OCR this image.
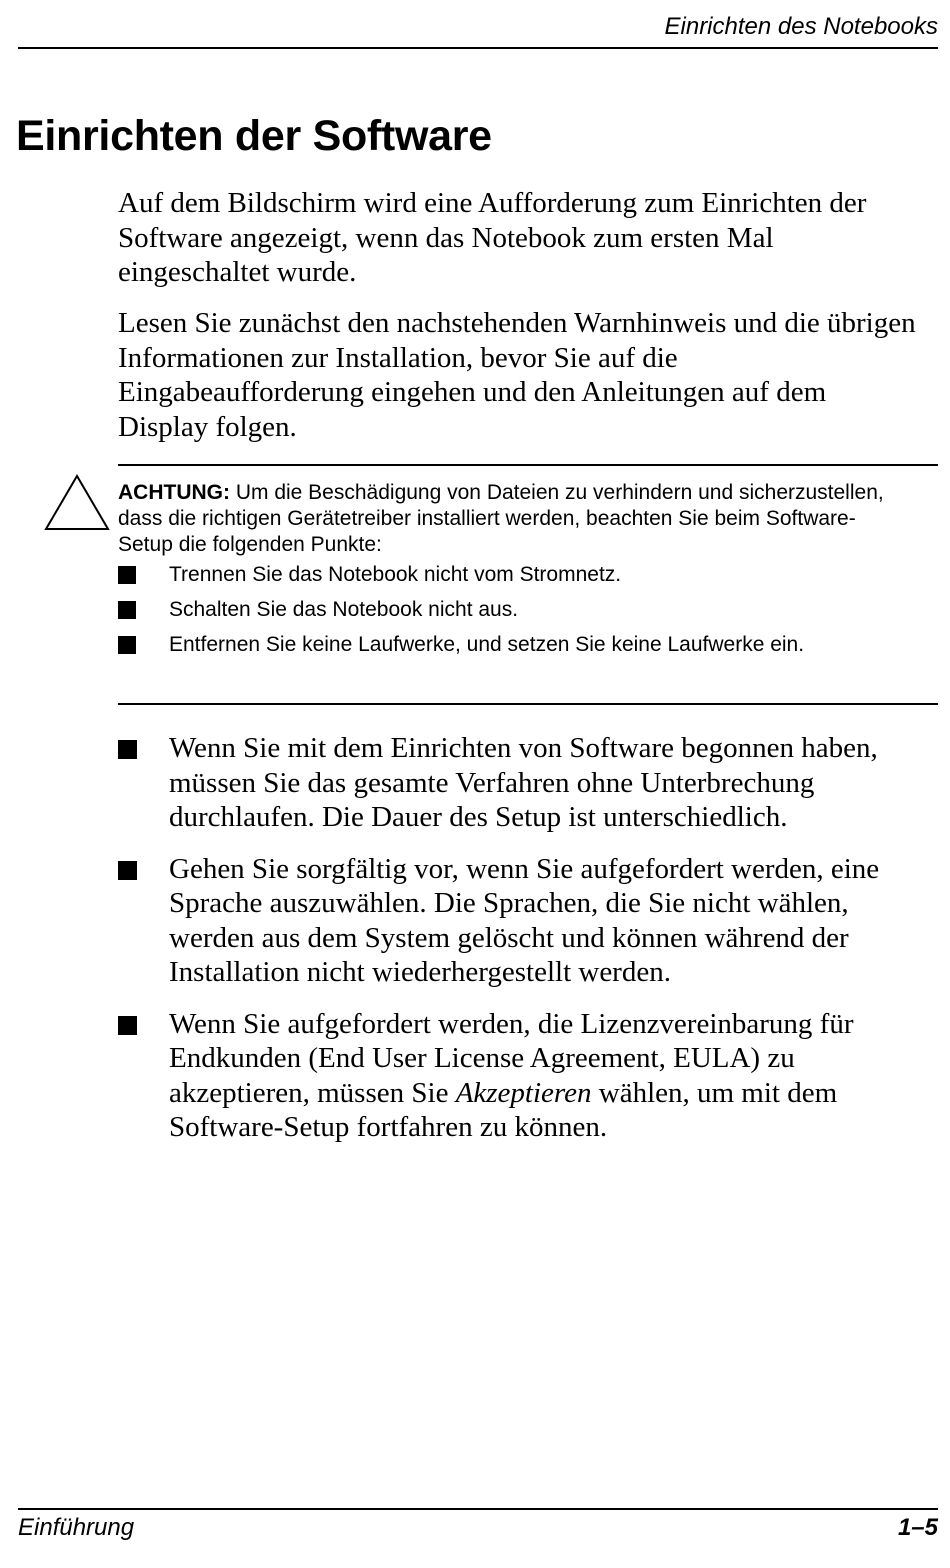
Einrichten des Notebooks

Einrichten der Software

Auf dem Bildschirm wird eine Aufforderung zum Einrichten der Software angezeigt, wenn das Notebook zum ersten Mal eingeschaltet wurde.

Lesen Sie zunächst den nachstehenden Warnhinweis und die übrigen Informationen zur Installation, bevor Sie auf die Eingabeaufforderung eingehen und den Anleitungen auf dem Display folgen.

ACHTUNG: Um die Beschädigung von Dateien zu verhindern und sicherzustellen, dass die richtigen Gerätetreiber installiert werden, beachten Sie beim Software-Setup die folgenden Punkte:

Trennen Sie das Notebook nicht vom Stromnetz.
Schalten Sie das Notebook nicht aus.
Entfernen Sie keine Laufwerke, und setzen Sie keine Laufwerke ein.
Wenn Sie mit dem Einrichten von Software begonnen haben, müssen Sie das gesamte Verfahren ohne Unterbrechung durchlaufen. Die Dauer des Setup ist unterschiedlich.
Gehen Sie sorgfältig vor, wenn Sie aufgefordert werden, eine Sprache auszuwählen. Die Sprachen, die Sie nicht wählen, werden aus dem System gelöscht und können während der Installation nicht wiederhergestellt werden.
Wenn Sie aufgefordert werden, die Lizenzvereinbarung für Endkunden (End User License Agreement, EULA) zu akzeptieren, müssen Sie Akzeptieren wählen, um mit dem Software-Setup fortfahren zu können.

Einführung	1–5
